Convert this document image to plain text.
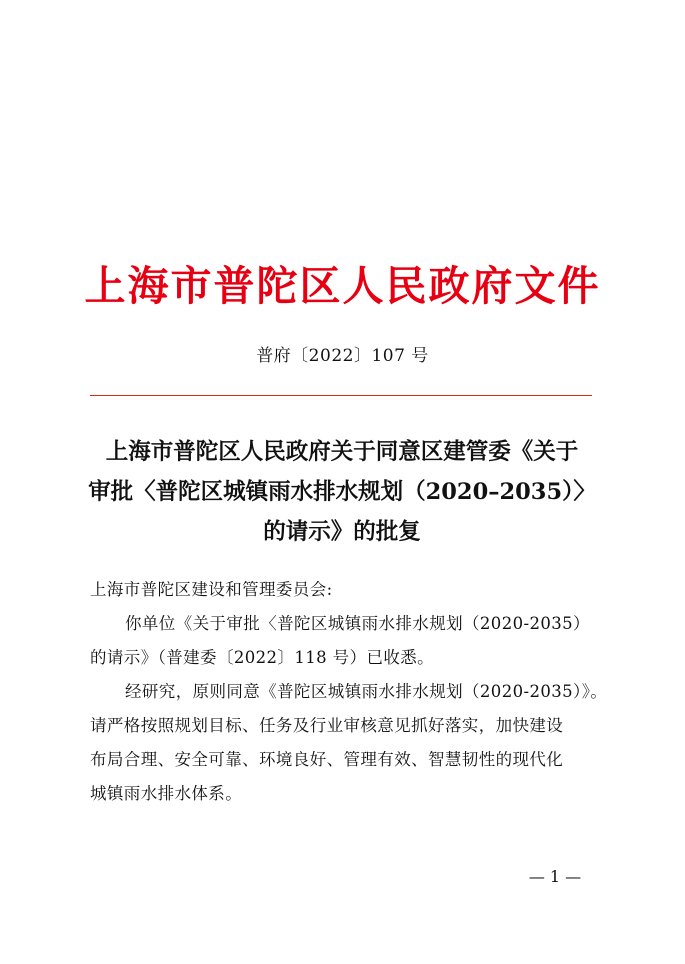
上海市普陀区人民政府文件
普府〔2022〕107 号
上海市普陀区人民政府关于同意区建管委《关于
审批〈普陀区城镇雨水排水规划（2020–2035）〉
的请示》的批复

上海市普陀区建设和管理委员会:

你单位《关于审批〈普陀区城镇雨水排水规划（2020-2035）

的请示》（普建委〔2022〕118 号）已收悉。

经研究，原则同意《普陀区城镇雨水排水规划（2020-2035）》。

请严格按照规划目标、任务及行业审核意见抓好落实，加快建设

布局合理、安全可靠、环境良好、管理有效、智慧韧性的现代化

城镇雨水排水体系。

— 1 —
